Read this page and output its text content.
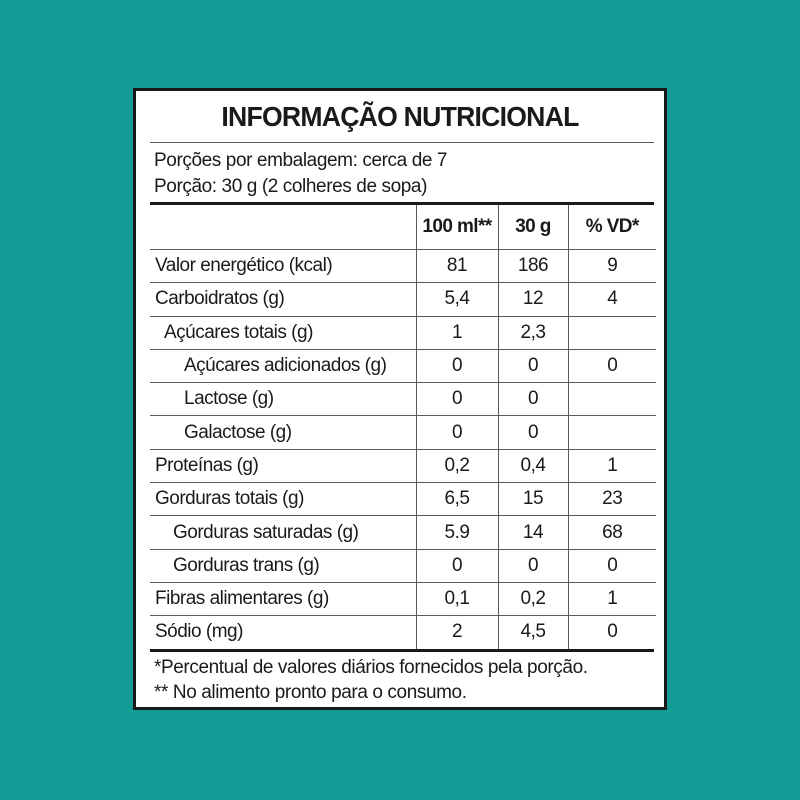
INFORMAÇÃO NUTRICIONAL
Porções por embalagem: cerca de 7
Porção: 30 g (2 colheres de sopa)
	100 ml**	30 g	% VD*
Valor energético (kcal)	81	186	9
Carboidratos (g)	5,4	12	4
Açúcares totais (g)	1	2,3	
Açúcares adicionados (g)	0	0	0
Lactose (g)	0	0	
Galactose (g)	0	0	
Proteínas (g)	0,2	0,4	1
Gorduras totais (g)	6,5	15	23
Gorduras saturadas (g)	5.9	14	68
Gorduras trans (g)	0	0	0
Fibras alimentares (g)	0,1	0,2	1
Sódio (mg)	2	4,5	0
*Percentual de valores diários fornecidos pela porção.
** No alimento pronto para o consumo.
